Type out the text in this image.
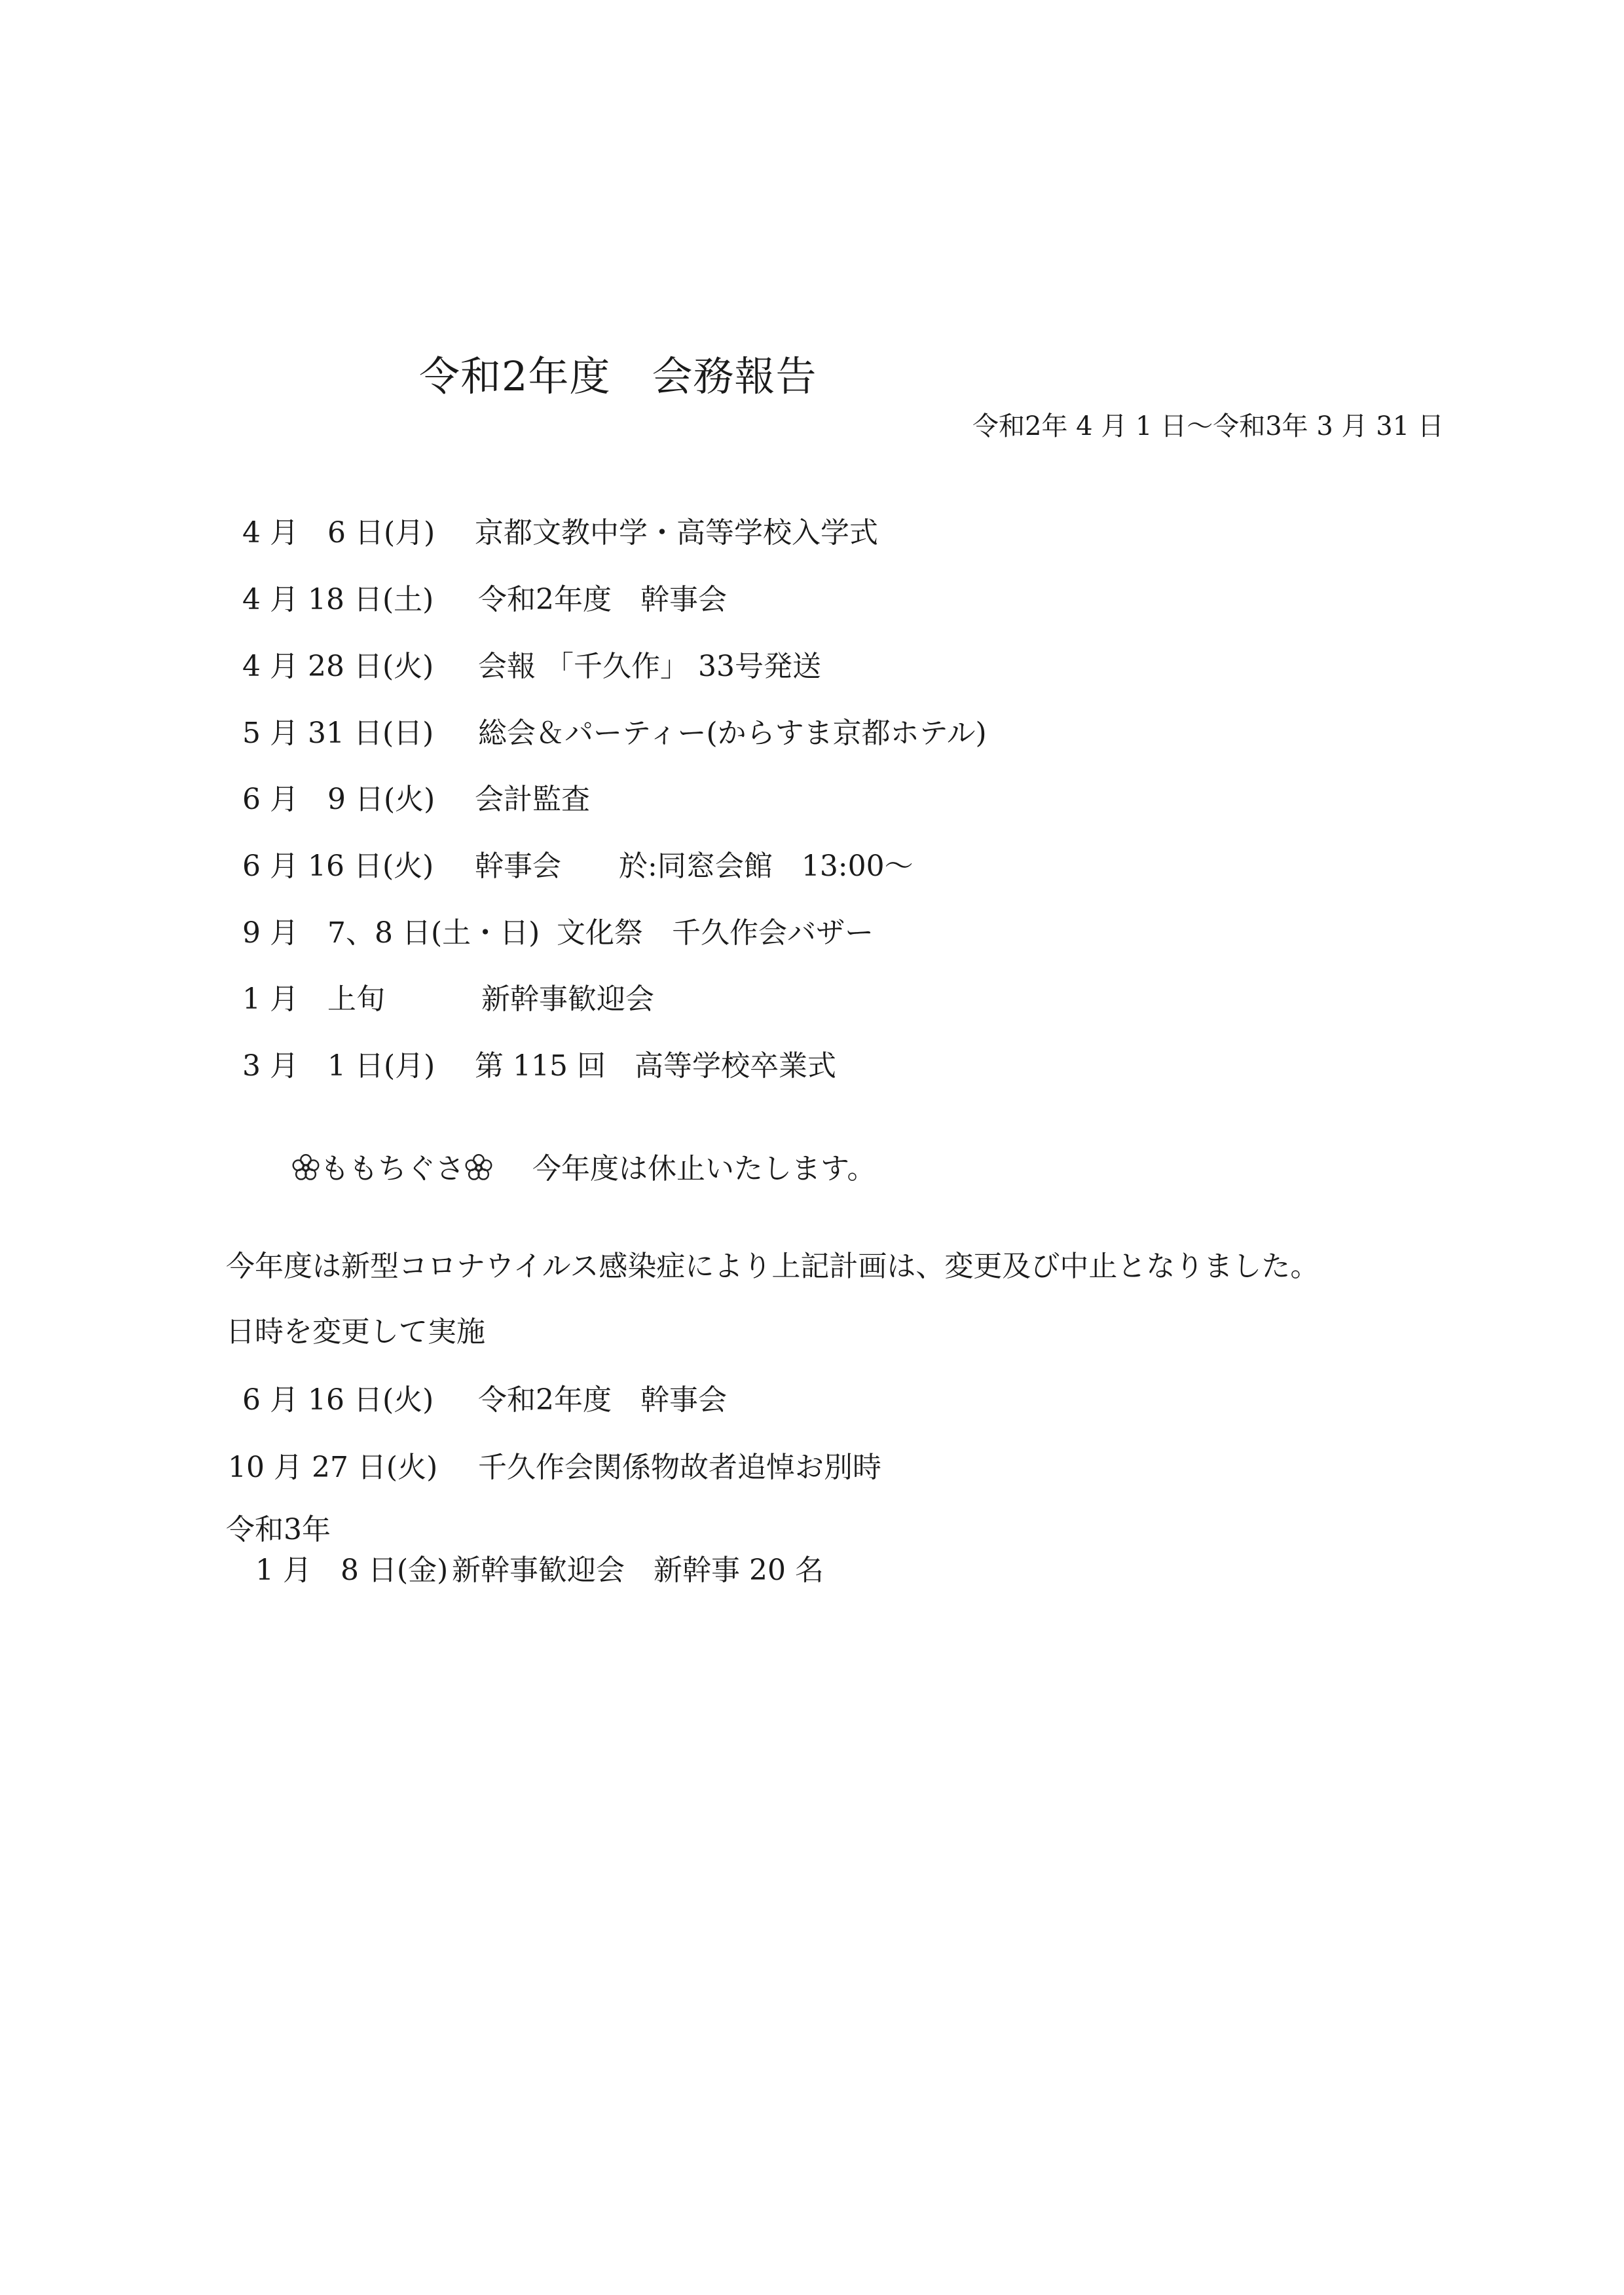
令和2年度　会務報告
令和2年 4 月 1 日〜令和3年 3 月 31 日
4 月　6 日(月) 京都文教中学・高等学校入学式
4 月 18 日(土) 令和2年度　幹事会
4 月 28 日(火) 会報 「千久作」 33号発送
5 月 31 日(日) 総会＆パーティー(からすま京都ホテル)
6 月　9 日(火) 会計監査
6 月 16 日(火) 幹事会　　於:同窓会館　13:00〜
9 月　7、8 日(土・日) 文化祭　千久作会バザー
1 月　上旬	新幹事歓迎会
3 月　1 日(月) 第 115 回　高等学校卒業式
ももちぐさ 今年度は休止いたします。
今年度は新型コロナウイルス感染症により上記計画は、変更及び中止となりました。
日時を変更して実施
6 月 16 日(火) 令和2年度　幹事会
10 月 27 日(火) 千久作会関係物故者追悼お別時
令和3年
1 月　8 日(金) 新幹事歓迎会　新幹事 20 名
